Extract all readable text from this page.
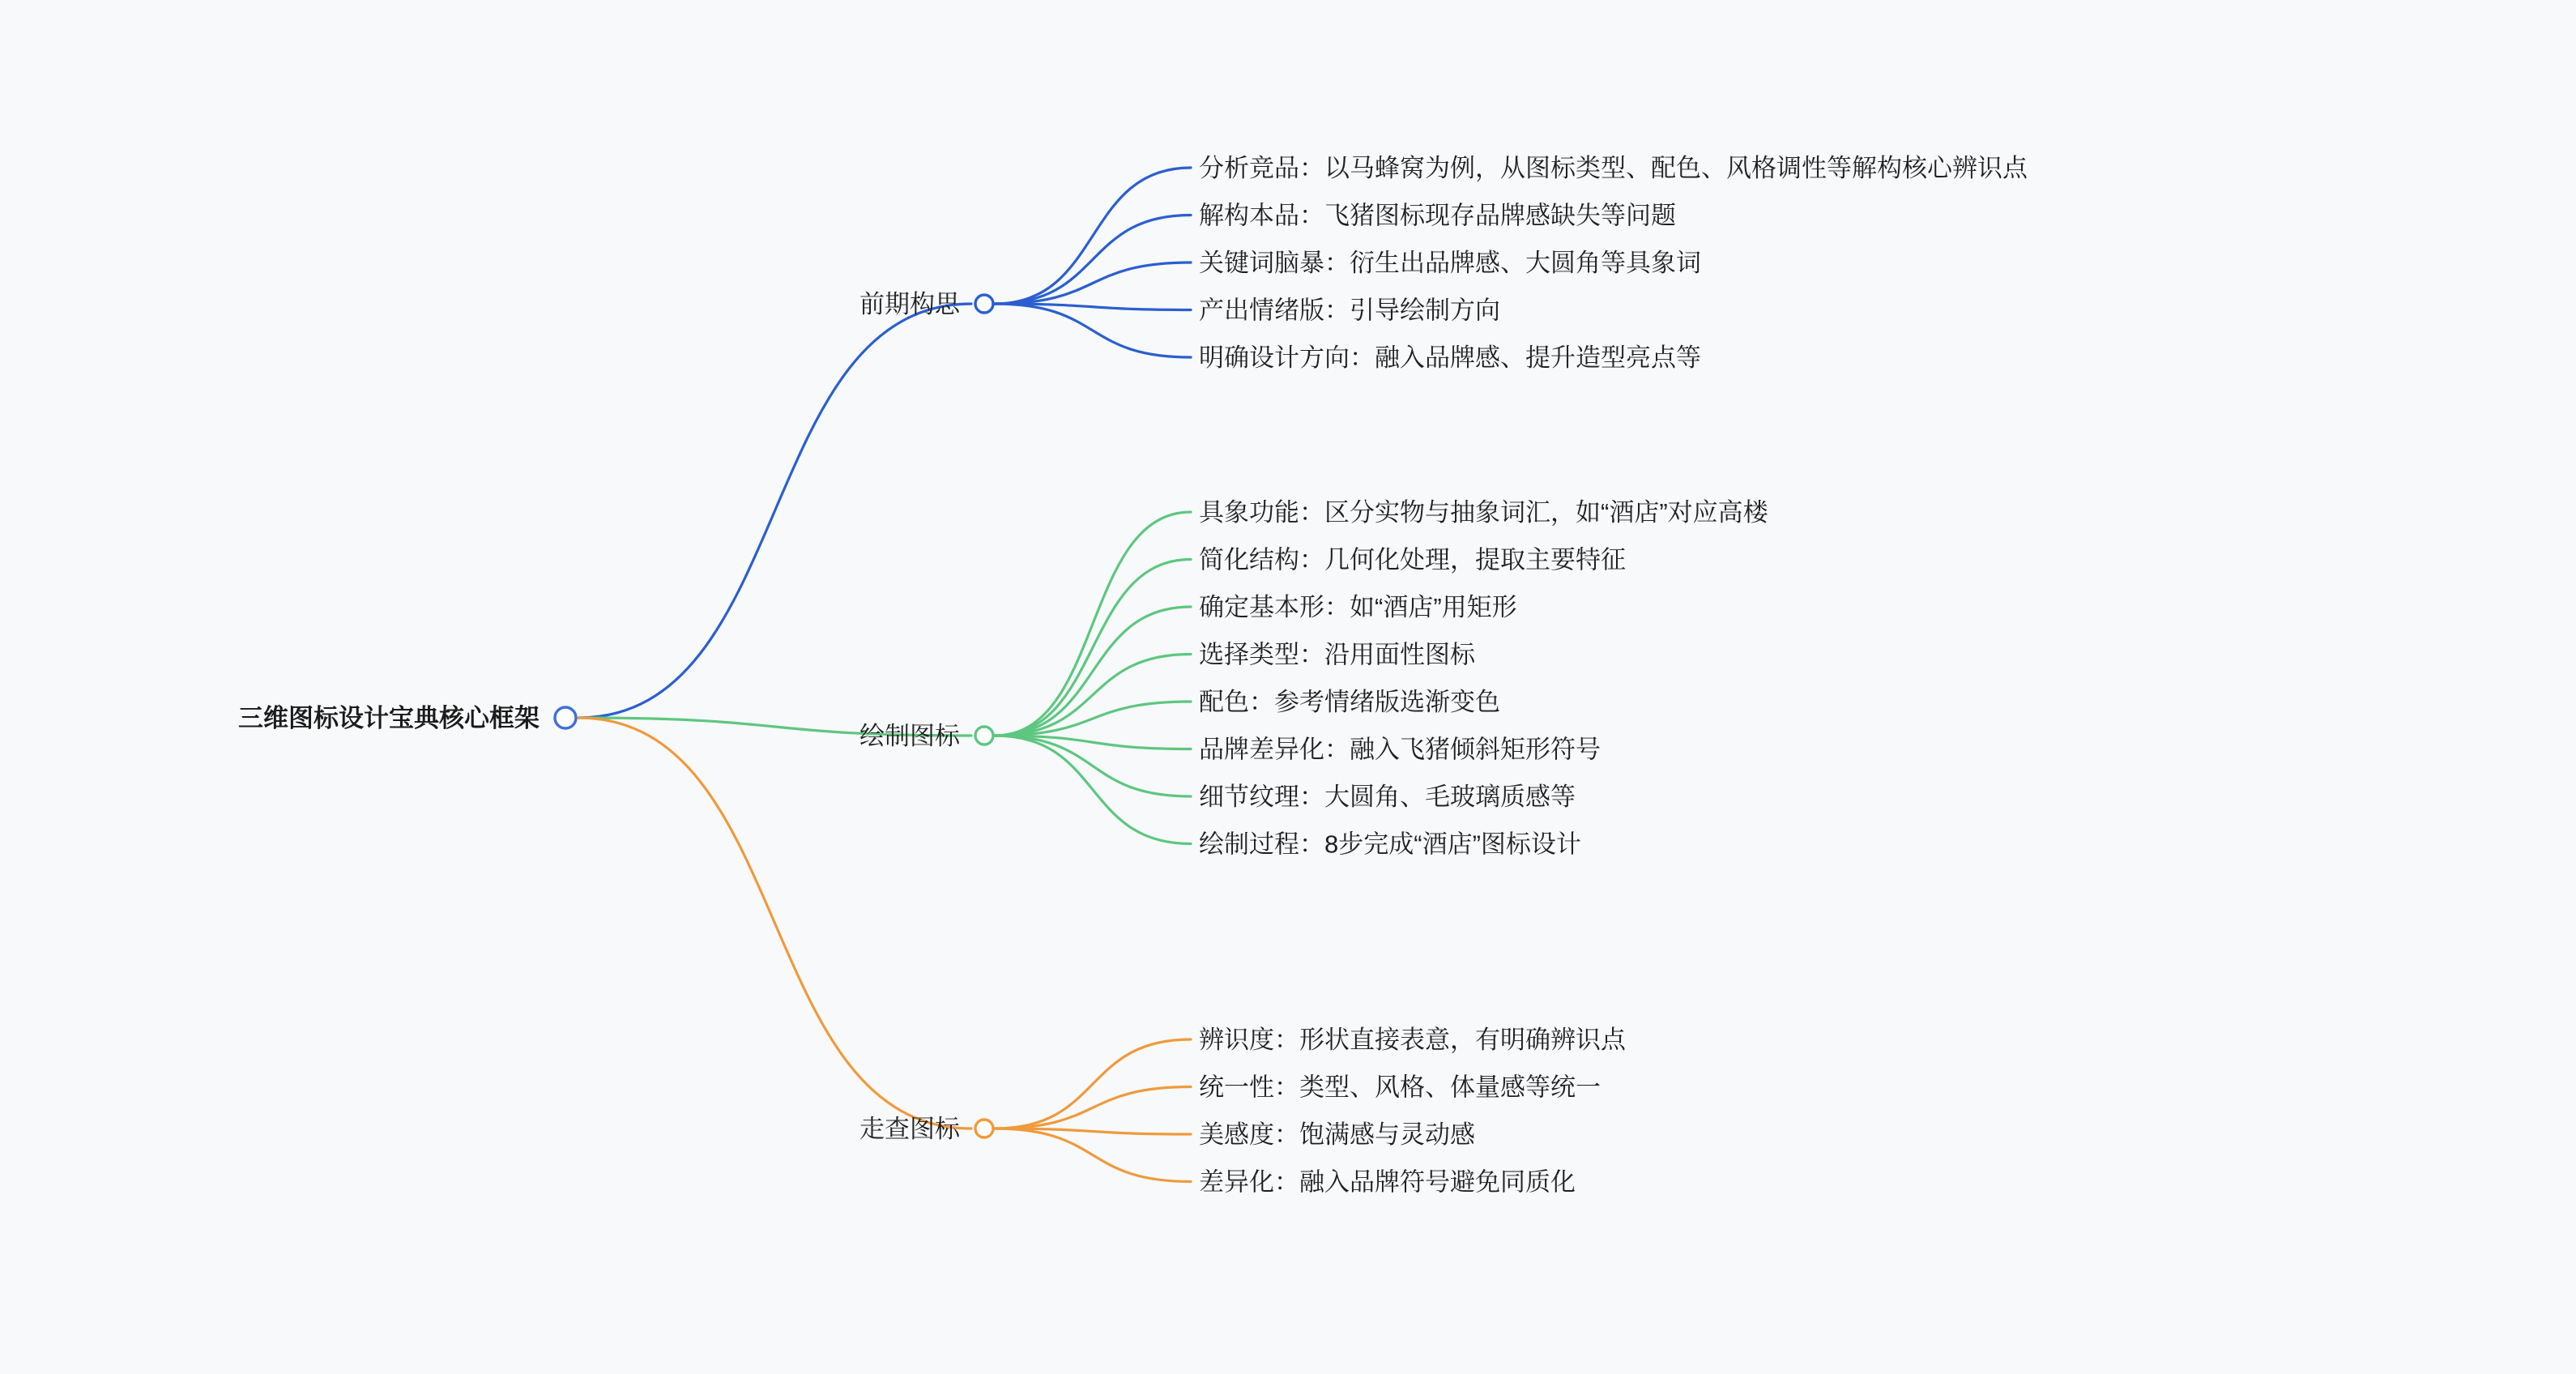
前期构思
分析竞品：以马蜂窝为例，从图标类型、配色、风格调性等解构核心辨识点
解构本品：飞猪图标现存品牌感缺失等问题
关键词脑暴：衍生出品牌感、大圆角等具象词
产出情绪版：引导绘制方向
明确设计方向：融入品牌感、提升造型亮点等
绘制图标
具象功能：区分实物与抽象词汇，如“酒店”对应高楼
简化结构：几何化处理，提取主要特征
确定基本形：如“酒店”用矩形
选择类型：沿用面性图标
配色：参考情绪版选渐变色
品牌差异化：融入飞猪倾斜矩形符号
细节纹理：大圆角、毛玻璃质感等
绘制过程：8步完成“酒店”图标设计
走查图标
辨识度：形状直接表意，有明确辨识点
统一性：类型、风格、体量感等统一
美感度：饱满感与灵动感
差异化：融入品牌符号避免同质化
三维图标设计宝典核心框架
